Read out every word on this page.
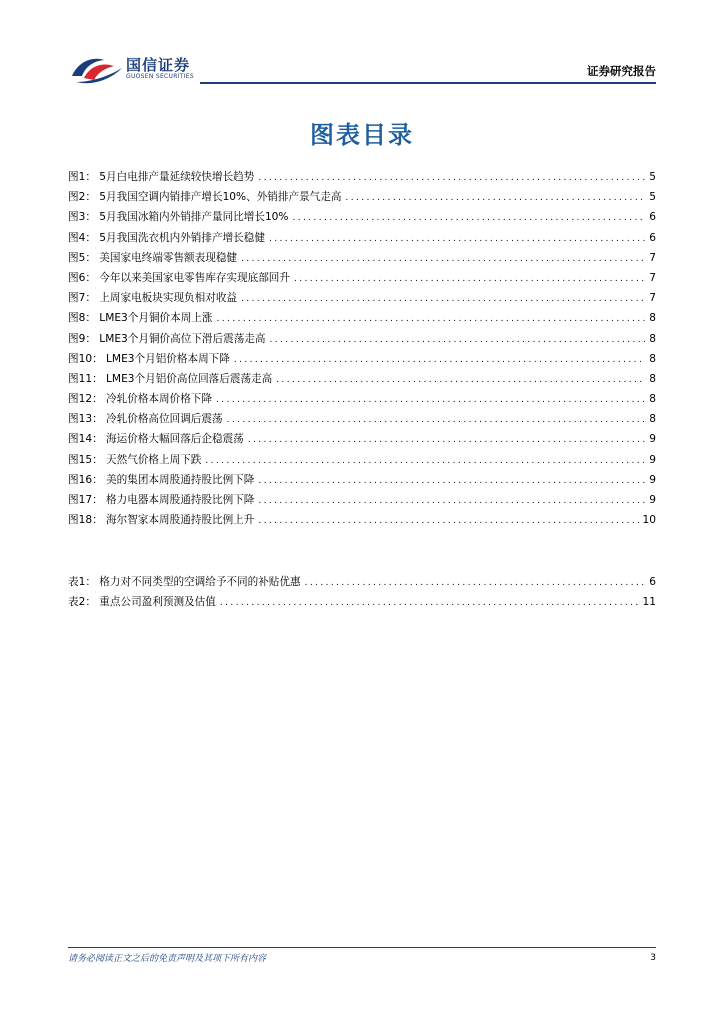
国信证券
GUOSEN SECURITIES	证券研究报告
图表目录
图1： 5月白电排产量延续较快增长趋势 .....	5
图2： 5月我国空调内销排产增长10%、外销排产景气走高 .....	5
图3： 5月我国冰箱内外销排产量同比增长10% .....	6
图4： 5月我国洗衣机内外销排产增长稳健 .....	6
图5： 美国家电终端零售额表现稳健 .....	7
图6： 今年以来美国家电零售库存实现底部回升 .....	7
图7： 上周家电板块实现负相对收益 .....	7
图8： LME3个月铜价本周上涨 .....	8
图9： LME3个月铜价高位下滑后震荡走高 .....	8
图10： LME3个月铝价格本周下降 .....	8
图11： LME3个月铝价高位回落后震荡走高 .....	8
图12： 冷轧价格本周价格下降 .....	8
图13： 冷轧价格高位回调后震荡 .....	8
图14： 海运价格大幅回落后企稳震荡 .....	9
图15： 天然气价格上周下跌 .....	9
图16： 美的集团本周股通持股比例下降 .....	9
图17： 格力电器本周股通持股比例下降 .....	9
图18： 海尔智家本周股通持股比例上升 .....	10
表1： 格力对不同类型的空调给予不同的补贴优惠 .....	6
表2： 重点公司盈利预测及估值 .....	11
请务必阅读正文之后的免责声明及其项下所有内容	3
